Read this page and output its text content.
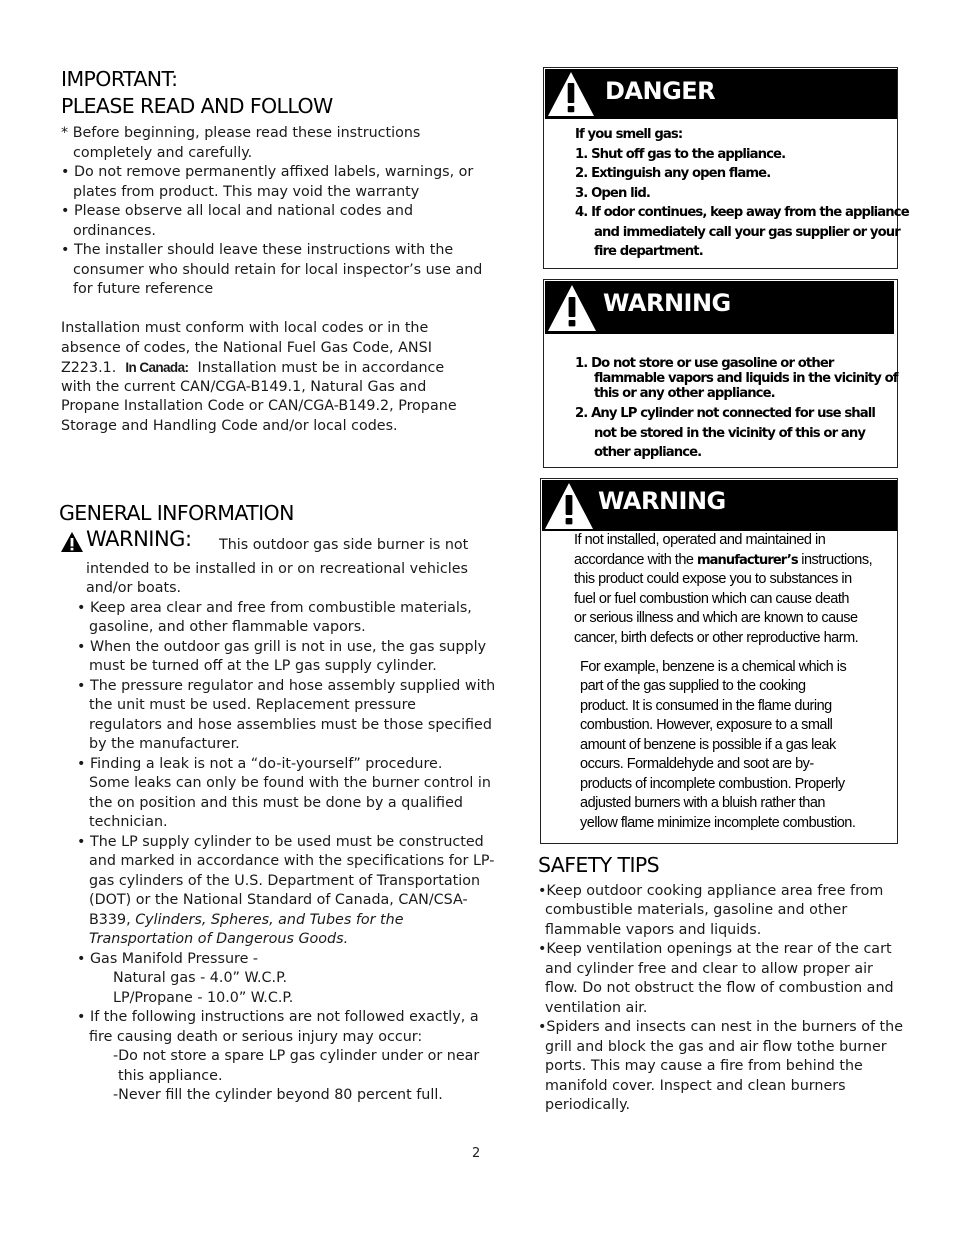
IMPORTANT:
PLEASE READ AND FOLLOW
* Before beginning, please read these instructions
completely and carefully.
• Do not remove permanently affixed labels, warnings, or
plates from product. This may void the warranty
• Please observe all local and national codes and
ordinances.
• The installer should leave these instructions with the
consumer who should retain for local inspector’s use and
for future reference
Installation must conform with local codes or in the
absence of codes, the National Fuel Gas Code, ANSI
Z223.1. In Canada: Installation must be in accordance
with the current CAN/CGA-B149.1, Natural Gas and
Propane Installation Code or CAN/CGA-B149.2, Propane
Storage and Handling Code and/or local codes.
GENERAL INFORMATION
WARNING: This outdoor gas side burner is not
intended to be installed in or on recreational vehicles
and/or boats.
• Keep area clear and free from combustible materials,
gasoline, and other flammable vapors.
• When the outdoor gas grill is not in use, the gas supply
must be turned off at the LP gas supply cylinder.
• The pressure regulator and hose assembly supplied with
the unit must be used. Replacement pressure
regulators and hose assemblies must be those specified
by the manufacturer.
• Finding a leak is not a “do-it-yourself” procedure.
Some leaks can only be found with the burner control in
the on position and this must be done by a qualified
technician.
• The LP supply cylinder to be used must be constructed
and marked in accordance with the specifications for LP-
gas cylinders of the U.S. Department of Transportation
(DOT) or the National Standard of Canada, CAN/CSA-
B339, Cylinders, Spheres, and Tubes for the
Transportation of Dangerous Goods.
• Gas Manifold Pressure -
Natural gas - 4.0” W.C.P.
LP/Propane - 10.0” W.C.P.
• If the following instructions are not followed exactly, a
fire causing death or serious injury may occur:
-Do not store a spare LP gas cylinder under or near
this appliance.
-Never fill the cylinder beyond 80 percent full.
DANGER
If you smell gas:
1. Shut off gas to the appliance.
2. Extinguish any open flame.
3. Open lid.
4. If odor continues, keep away from the appliance
and immediately call your gas supplier or your
fire department.
WARNING
1. Do not store or use gasoline or other
flammable vapors and liquids in the vicinity of
this or any other appliance.
2. Any LP cylinder not connected for use shall
not be stored in the vicinity of this or any
other appliance.
WARNING
If not installed, operated and maintained in
accordance with the manufacturer’s instructions,
this product could expose you to substances in
fuel or fuel combustion which can cause death
or serious illness and which are known to cause
cancer, birth defects or other reproductive harm.
For example, benzene is a chemical which is
part of the gas supplied to the cooking
product. It is consumed in the flame during
combustion. However, exposure to a small
amount of benzene is possible if a gas leak
occurs. Formaldehyde and soot are by-
products of incomplete combustion. Properly
adjusted burners with a bluish rather than
yellow flame minimize incomplete combustion.
SAFETY TIPS
•Keep outdoor cooking appliance area free from
combustible materials, gasoline and other
flammable vapors and liquids.
•Keep ventilation openings at the rear of the cart
and cylinder free and clear to allow proper air
flow. Do not obstruct the flow of combustion and
ventilation air.
•Spiders and insects can nest in the burners of the
grill and block the gas and air flow tothe burner
ports. This may cause a fire from behind the
manifold cover. Inspect and clean burners
periodically.
2
